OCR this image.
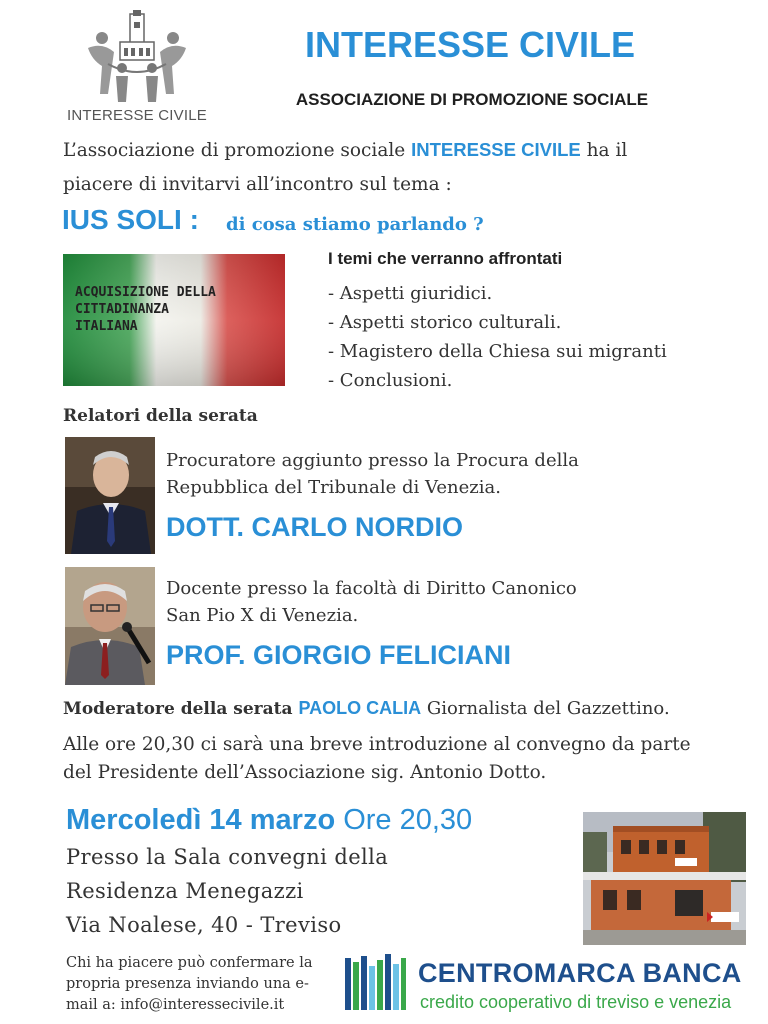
INTERESSE CIVILE
INTERESSE CIVILE
ASSOCIAZIONE DI PROMOZIONE SOCIALE
L’associazione di promozione sociale INTERESSE CIVILE ha il
piacere di invitarvi all’incontro sul tema :
IUS SOLI : di cosa stiamo parlando ?
ACQUISIZIONE DELLA
CITTADINANZA
ITALIANA
I temi che verranno affrontati
- Aspetti giuridici.
- Aspetti storico culturali.
- Magistero della Chiesa sui migranti
- Conclusioni.
Relatori della serata
Procuratore aggiunto presso la Procura della
Repubblica del Tribunale di Venezia.
DOTT. CARLO NORDIO
Docente presso la facoltà di Diritto Canonico
San Pio X di Venezia.
PROF. GIORGIO FELICIANI
Moderatore della serata PAOLO CALIA Giornalista del Gazzettino.
Alle ore 20,30 ci sarà una breve introduzione al convegno da parte
del Presidente dell’Associazione sig. Antonio Dotto.
Mercoledì 14 marzo Ore 20,30
Presso la Sala convegni della
Residenza Menegazzi
Via Noalese, 40 - Treviso
Chi ha piacere può confermare la
propria presenza inviando una e-
mail a: info@interessecivile.it
CENTROMARCA BANCA
credito cooperativo di treviso e venezia
